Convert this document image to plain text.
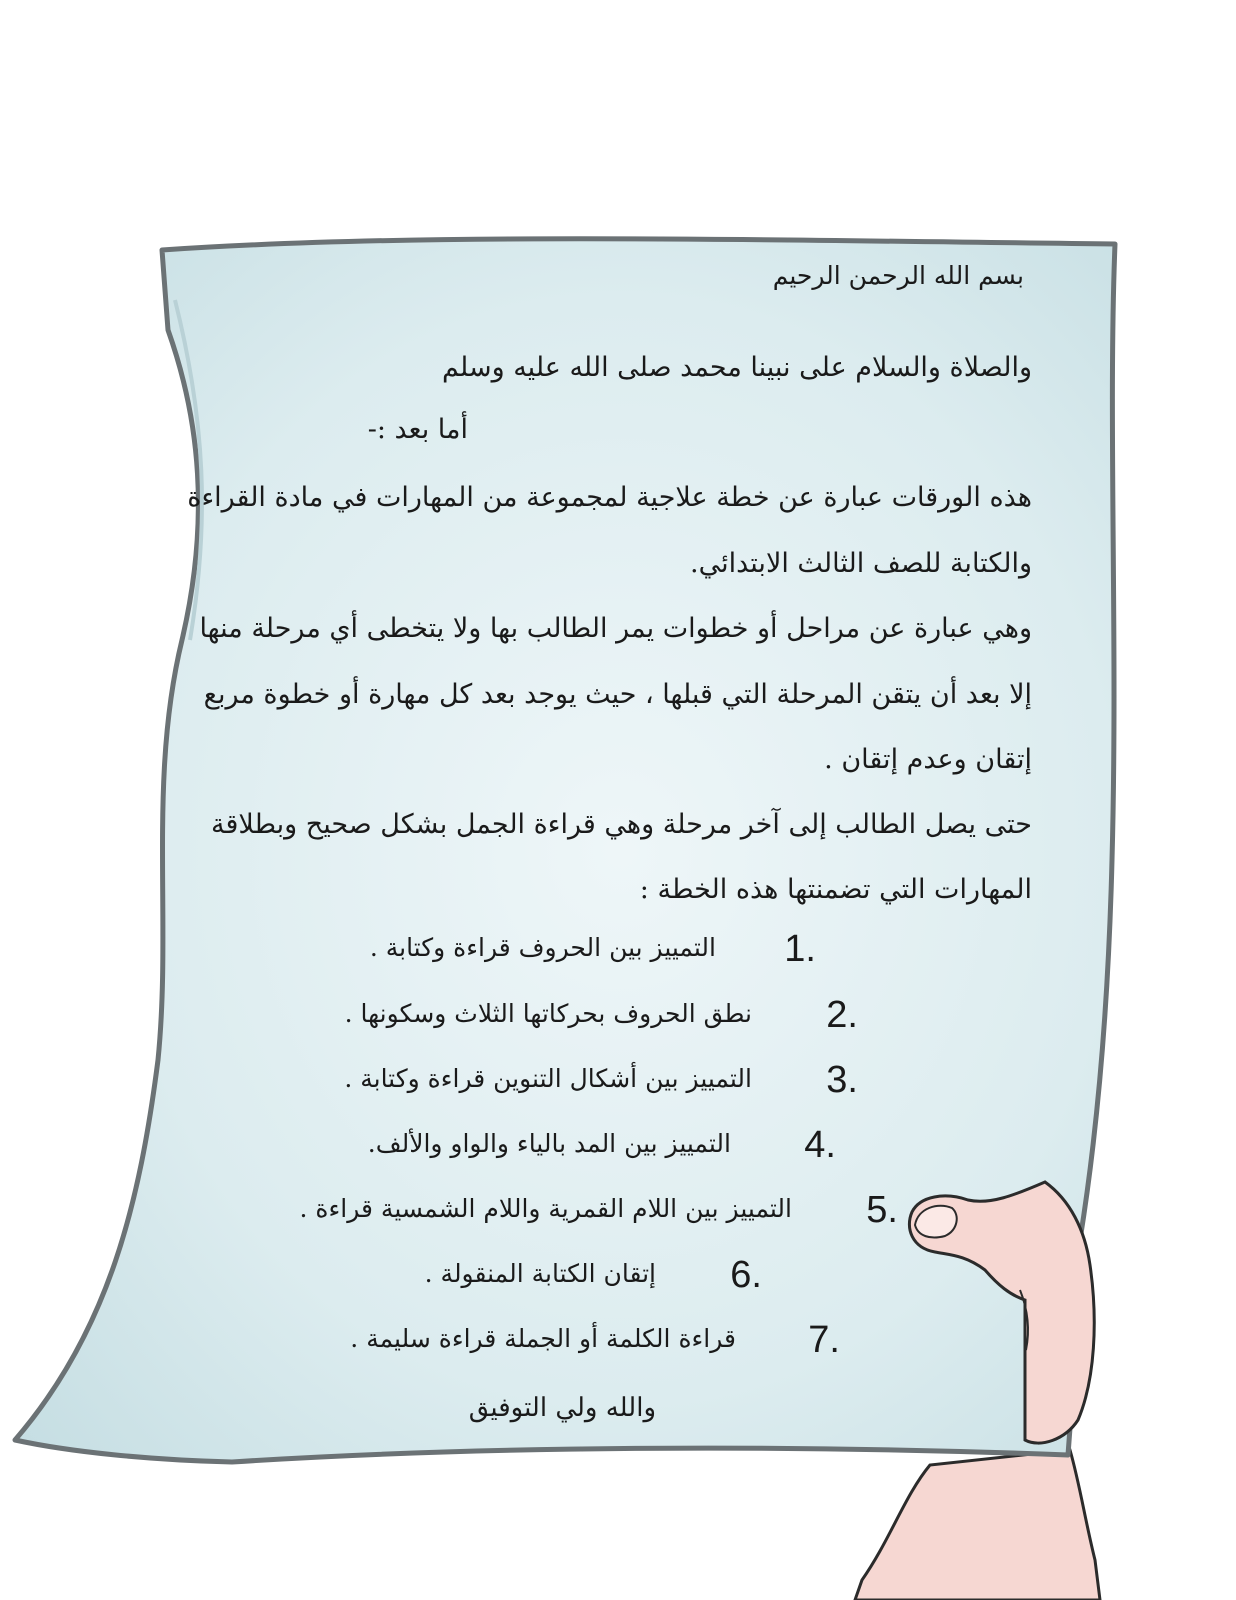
بسم الله الرحمن الرحيم
والصلاة والسلام على نبينا محمد صلى الله عليه وسلم
أما بعد :-
هذه الورقات عبارة عن خطة علاجية لمجموعة من المهارات في مادة القراءة
والكتابة للصف الثالث الابتدائي.
وهي عبارة عن مراحل أو خطوات يمر الطالب بها ولا يتخطى أي مرحلة منها
إلا بعد أن يتقن المرحلة التي قبلها ، حيث يوجد بعد كل مهارة أو خطوة مربع
إتقان وعدم إتقان .
حتى يصل الطالب إلى آخر مرحلة وهي قراءة الجمل بشكل صحيح وبطلاقة
المهارات التي تضمنتها هذه الخطة :
1.
التمييز بين الحروف قراءة وكتابة .
2.
نطق الحروف بحركاتها الثلاث وسكونها .
3.
التمييز بين أشكال التنوين قراءة وكتابة .
4.
التمييز بين المد بالياء والواو والألف.
5.
التمييز بين اللام القمرية واللام الشمسية قراءة .
6.
إتقان الكتابة المنقولة .
7.
قراءة الكلمة أو الجملة قراءة سليمة .
والله ولي التوفيق
